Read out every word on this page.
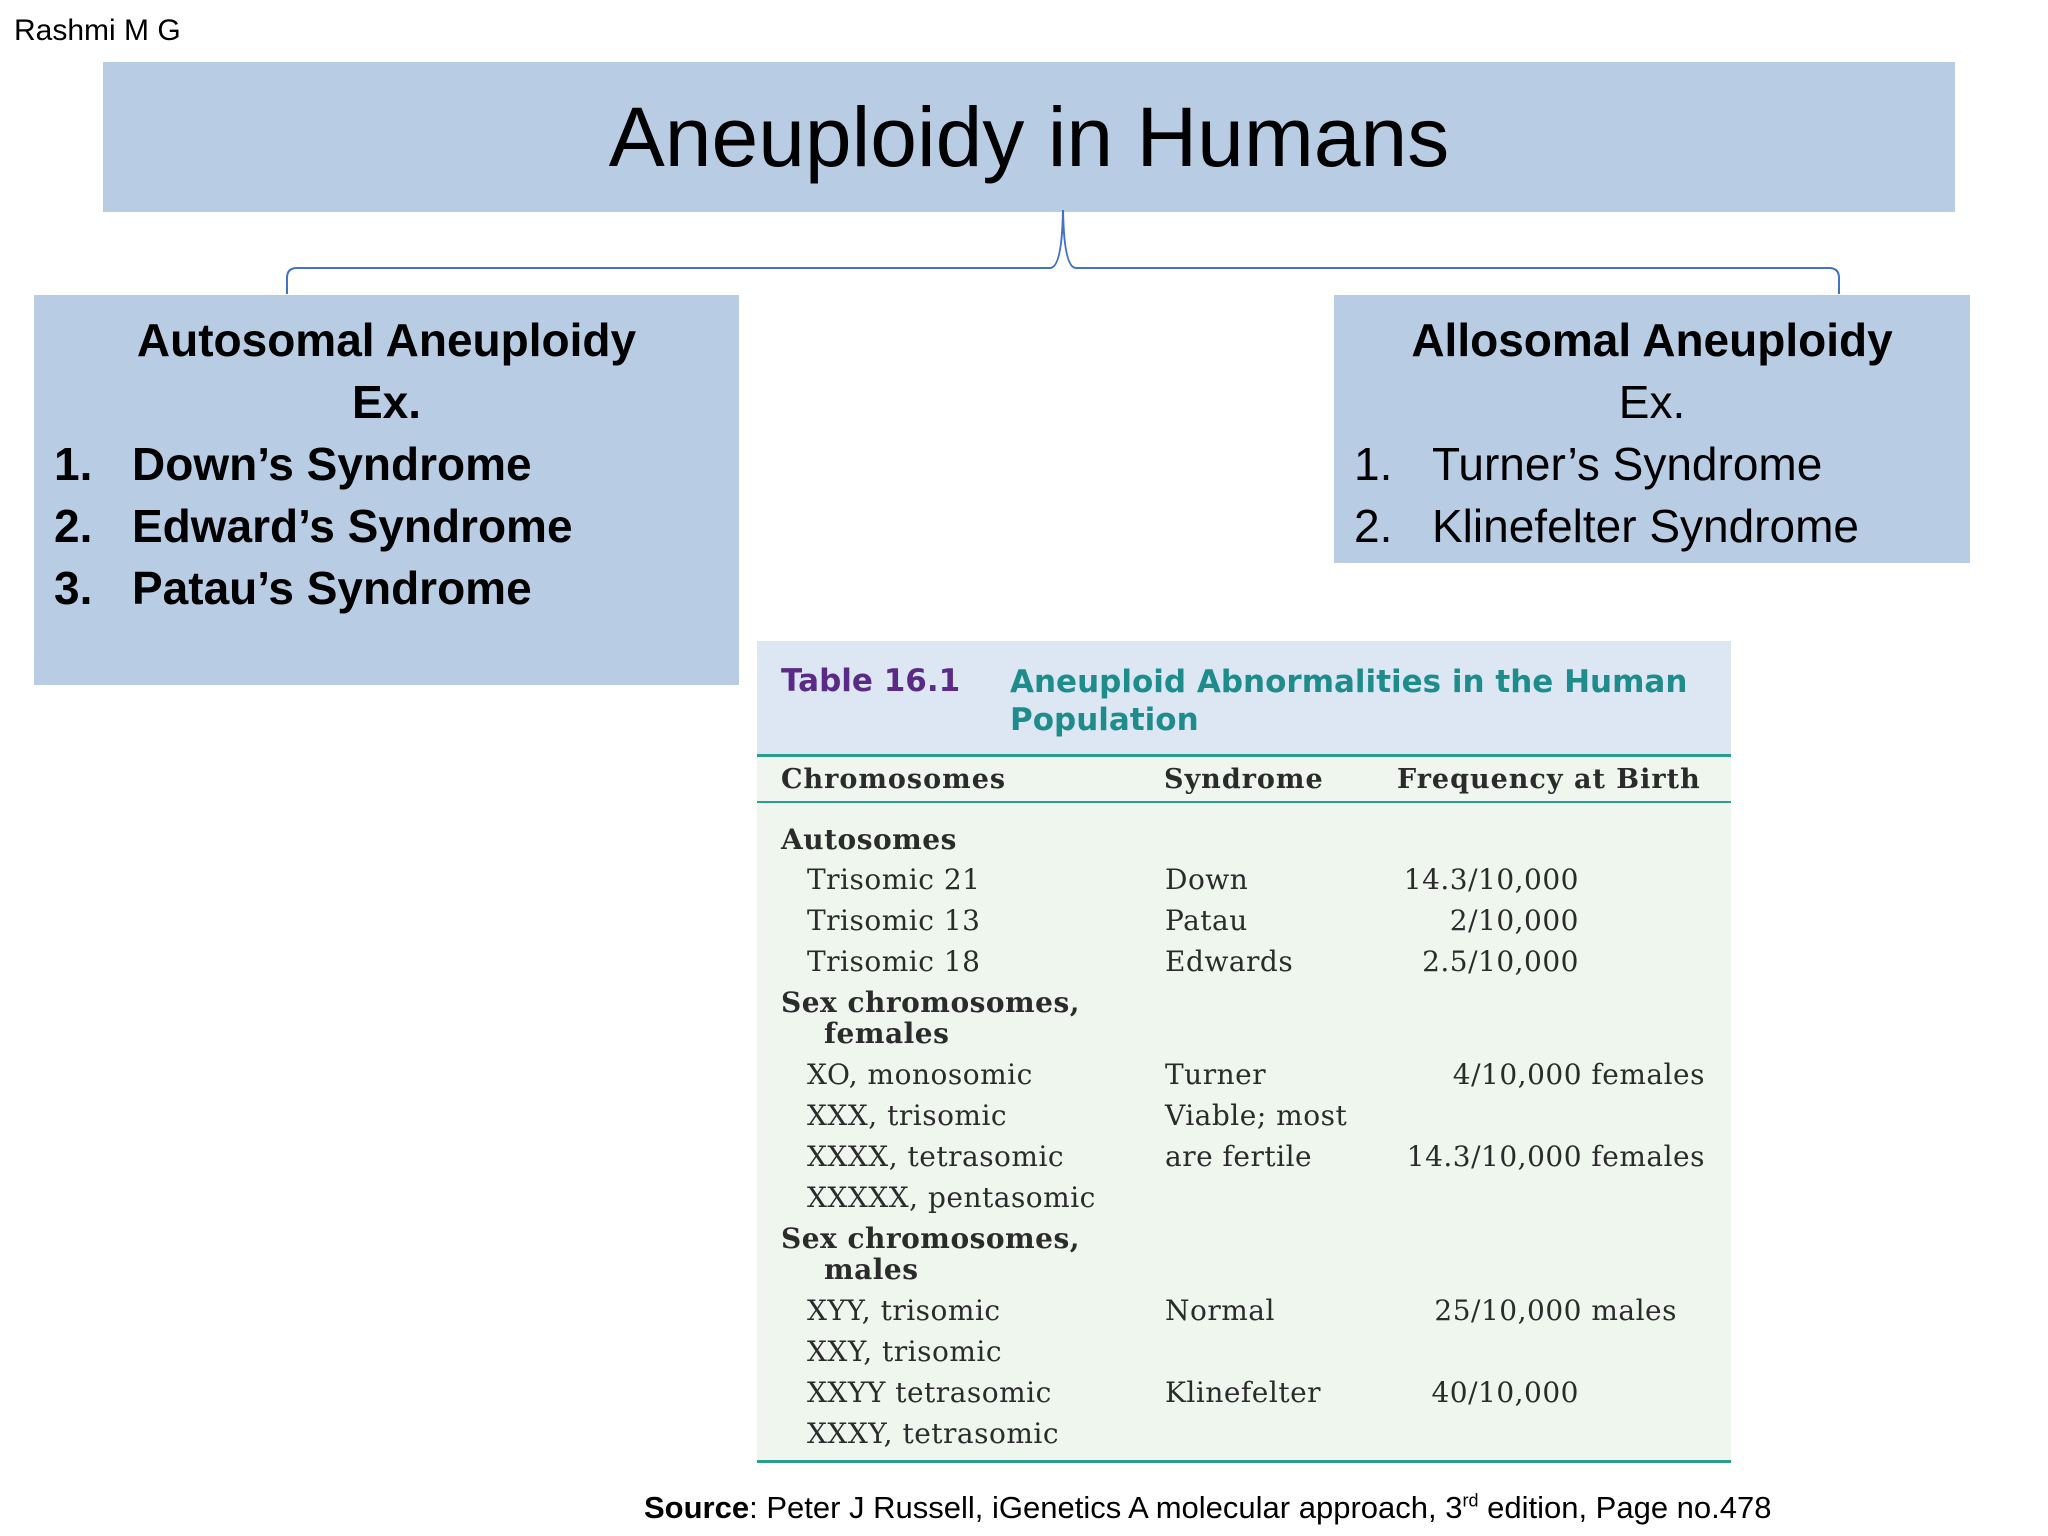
Rashmi M G
Aneuploidy in Humans
Autosomal Aneuploidy
Ex.
1. Down’s Syndrome
2. Edward’s Syndrome
3. Patau’s Syndrome
Allosomal Aneuploidy
Ex.
1. Turner’s Syndrome
2. Klinefelter Syndrome
Table 16.1 Aneuploid Abnormalities in the Human Population
Chromosomes	Syndrome	Frequency at Birth
Autosomes
Trisomic 21	Down	14.3/10,000
Trisomic 13	Patau	2/10,000
Trisomic 18	Edwards	2.5/10,000
Sex chromosomes,
females
XO, monosomic	Turner	4/10,000 females
XXX, trisomic	Viable; most
XXXX, tetrasomic	are fertile	14.3/10,000 females
XXXXX, pentasomic
Sex chromosomes,
males
XYY, trisomic	Normal	25/10,000 males
XXY, trisomic
XXYY tetrasomic	Klinefelter	40/10,000
XXXY, tetrasomic
Source: Peter J Russell, iGenetics A molecular approach, 3rd edition, Page no.478
